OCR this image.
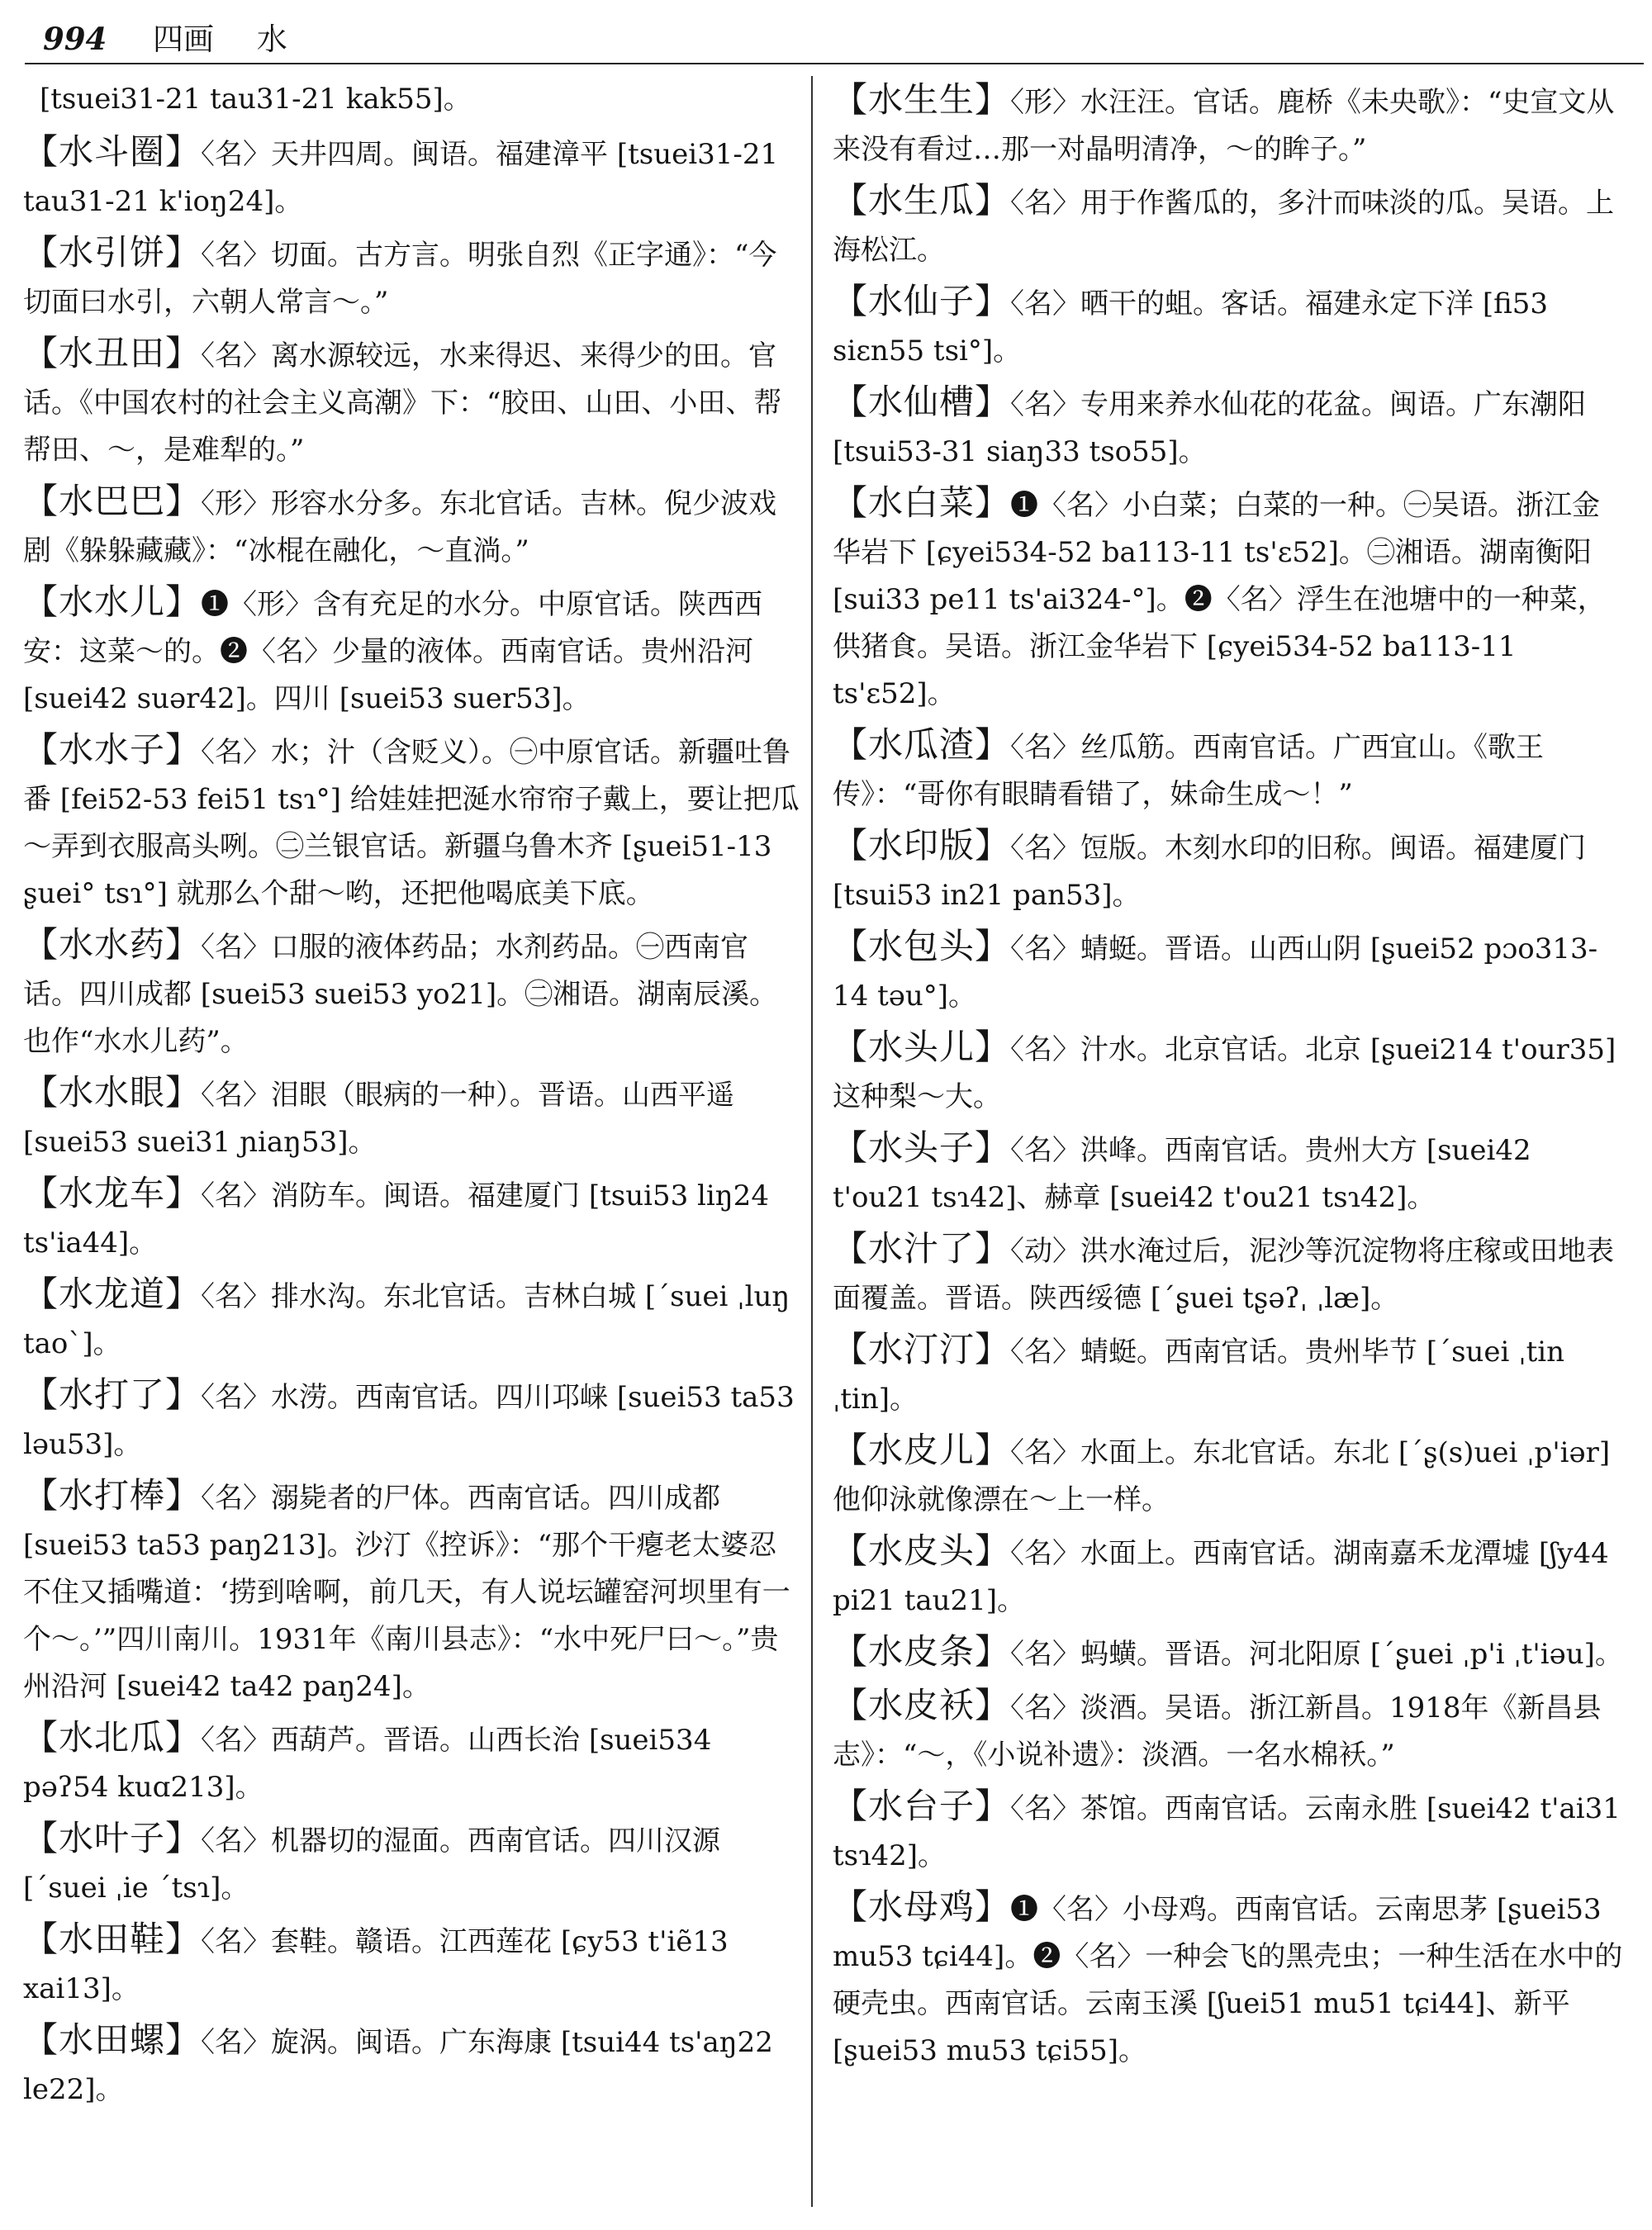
994 四画 水
[tsuei31-21 tau31-21 kak55]。
【水斗圈】〈名〉天井四周。闽语。福建漳平 [tsuei31-21 tau31-21 k'ioŋ24]。
【水引饼】〈名〉切面。古方言。明张自烈《正字通》：“今切面曰水引，六朝人常言～。”
【水丑田】〈名〉离水源较远，水来得迟、来得少的田。官话。《中国农村的社会主义高潮》下：“胶田、山田、小田、帮帮田、～，是难犁的。”
【水巴巴】〈形〉形容水分多。东北官话。吉林。倪少波戏剧《躲躲藏藏》：“冰棍在融化，～直淌。”
【水水儿】❶〈形〉含有充足的水分。中原官话。陕西西安：这菜～的。❷〈名〉少量的液体。西南官话。贵州沿河 [suei42 suər42]。四川 [suei53 suer53]。
【水水子】〈名〉水；汁（含贬义）。㊀中原官话。新疆吐鲁番 [fei52-53 fei51 tsɿ°] 给娃娃把涎水帘帘子戴上，要让把瓜～弄到衣服高头咧。㊁兰银官话。新疆乌鲁木齐 [ʂuei51-13 ʂuei° tsɿ°] 就那么个甜～哟，还把他喝底美下底。
【水水药】〈名〉口服的液体药品；水剂药品。㊀西南官话。四川成都 [suei53 suei53 yo21]。㊁湘语。湖南辰溪。也作“水水儿药”。
【水水眼】〈名〉泪眼（眼病的一种）。晋语。山西平遥 [suei53 suei31 ɲiaŋ53]。
【水龙车】〈名〉消防车。闽语。福建厦门 [tsui53 liŋ24 ts'ia44]。
【水龙道】〈名〉排水沟。东北官话。吉林白城 [ˊsuei ˌluŋ taoˋ]。
【水打了】〈名〉水涝。西南官话。四川邛崃 [suei53 ta53 ləu53]。
【水打棒】〈名〉溺毙者的尸体。西南官话。四川成都 [suei53 ta53 paŋ213]。沙汀《控诉》：“那个干瘪老太婆忍不住又插嘴道：‘捞到啥啊，前几天，有人说坛罐窑河坝里有一个～。’”四川南川。1931年《南川县志》：“水中死尸曰～。”贵州沿河 [suei42 ta42 paŋ24]。
【水北瓜】〈名〉西葫芦。晋语。山西长治 [suei534 pəʔ54 kuɑ213]。
【水叶子】〈名〉机器切的湿面。西南官话。四川汉源 [ˊsuei ˌie ˊtsɿ]。
【水田鞋】〈名〉套鞋。赣语。江西莲花 [ɕy53 t'iẽ13 xai13]。
【水田螺】〈名〉旋涡。闽语。广东海康 [tsui44 ts'aŋ22 le22]。
【水生生】〈形〉水汪汪。官话。鹿桥《未央歌》：“史宣文从来没有看过…那一对晶明清净，～的眸子。”
【水生瓜】〈名〉用于作酱瓜的，多汁而味淡的瓜。吴语。上海松江。
【水仙子】〈名〉晒干的蛆。客话。福建永定下洋 [fi53 siɛn55 tsi°]。
【水仙槽】〈名〉专用来养水仙花的花盆。闽语。广东潮阳 [tsui53-31 siaŋ33 tso55]。
【水白菜】❶〈名〉小白菜；白菜的一种。㊀吴语。浙江金华岩下 [ɕyei534-52 ba113-11 ts'ɛ52]。㊁湘语。湖南衡阳 [sui33 pe11 ts'ai324-°]。❷〈名〉浮生在池塘中的一种菜，供猪食。吴语。浙江金华岩下 [ɕyei534-52 ba113-11 ts'ɛ52]。
【水瓜渣】〈名〉丝瓜筋。西南官话。广西宜山。《歌王传》：“哥你有眼睛看错了，妹命生成～！”
【水印版】〈名〉饾版。木刻水印的旧称。闽语。福建厦门 [tsui53 in21 pan53]。
【水包头】〈名〉蜻蜓。晋语。山西山阴 [ʂuei52 pɔo313-14 təu°]。
【水头儿】〈名〉汁水。北京官话。北京 [ʂuei214 t'our35] 这种梨～大。
【水头子】〈名〉洪峰。西南官话。贵州大方 [suei42 t'ou21 tsɿ42]、赫章 [suei42 t'ou21 tsɿ42]。
【水汁了】〈动〉洪水淹过后，泥沙等沉淀物将庄稼或田地表面覆盖。晋语。陕西绥德 [ˊʂuei tʂəʔˌ ˌlæ]。
【水汀汀】〈名〉蜻蜓。西南官话。贵州毕节 [ˊsuei ˌtin ˌtin]。
【水皮儿】〈名〉水面上。东北官话。东北 [ˊʂ(s)uei ˌp'iər] 他仰泳就像漂在～上一样。
【水皮头】〈名〉水面上。西南官话。湖南嘉禾龙潭墟 [ʃy44 pi21 tau21]。
【水皮条】〈名〉蚂蟥。晋语。河北阳原 [ˊʂuei ˌp'i ˌt'iəu]。
【水皮袄】〈名〉淡酒。吴语。浙江新昌。1918年《新昌县志》：“～，《小说补遗》：淡酒。一名水棉袄。”
【水台子】〈名〉茶馆。西南官话。云南永胜 [suei42 t'ai31 tsɿ42]。
【水母鸡】❶〈名〉小母鸡。西南官话。云南思茅 [ʂuei53 mu53 tɕi44]。❷〈名〉一种会飞的黑壳虫；一种生活在水中的硬壳虫。西南官话。云南玉溪 [ʃuei51 mu51 tɕi44]、新平 [ʂuei53 mu53 tɕi55]。
